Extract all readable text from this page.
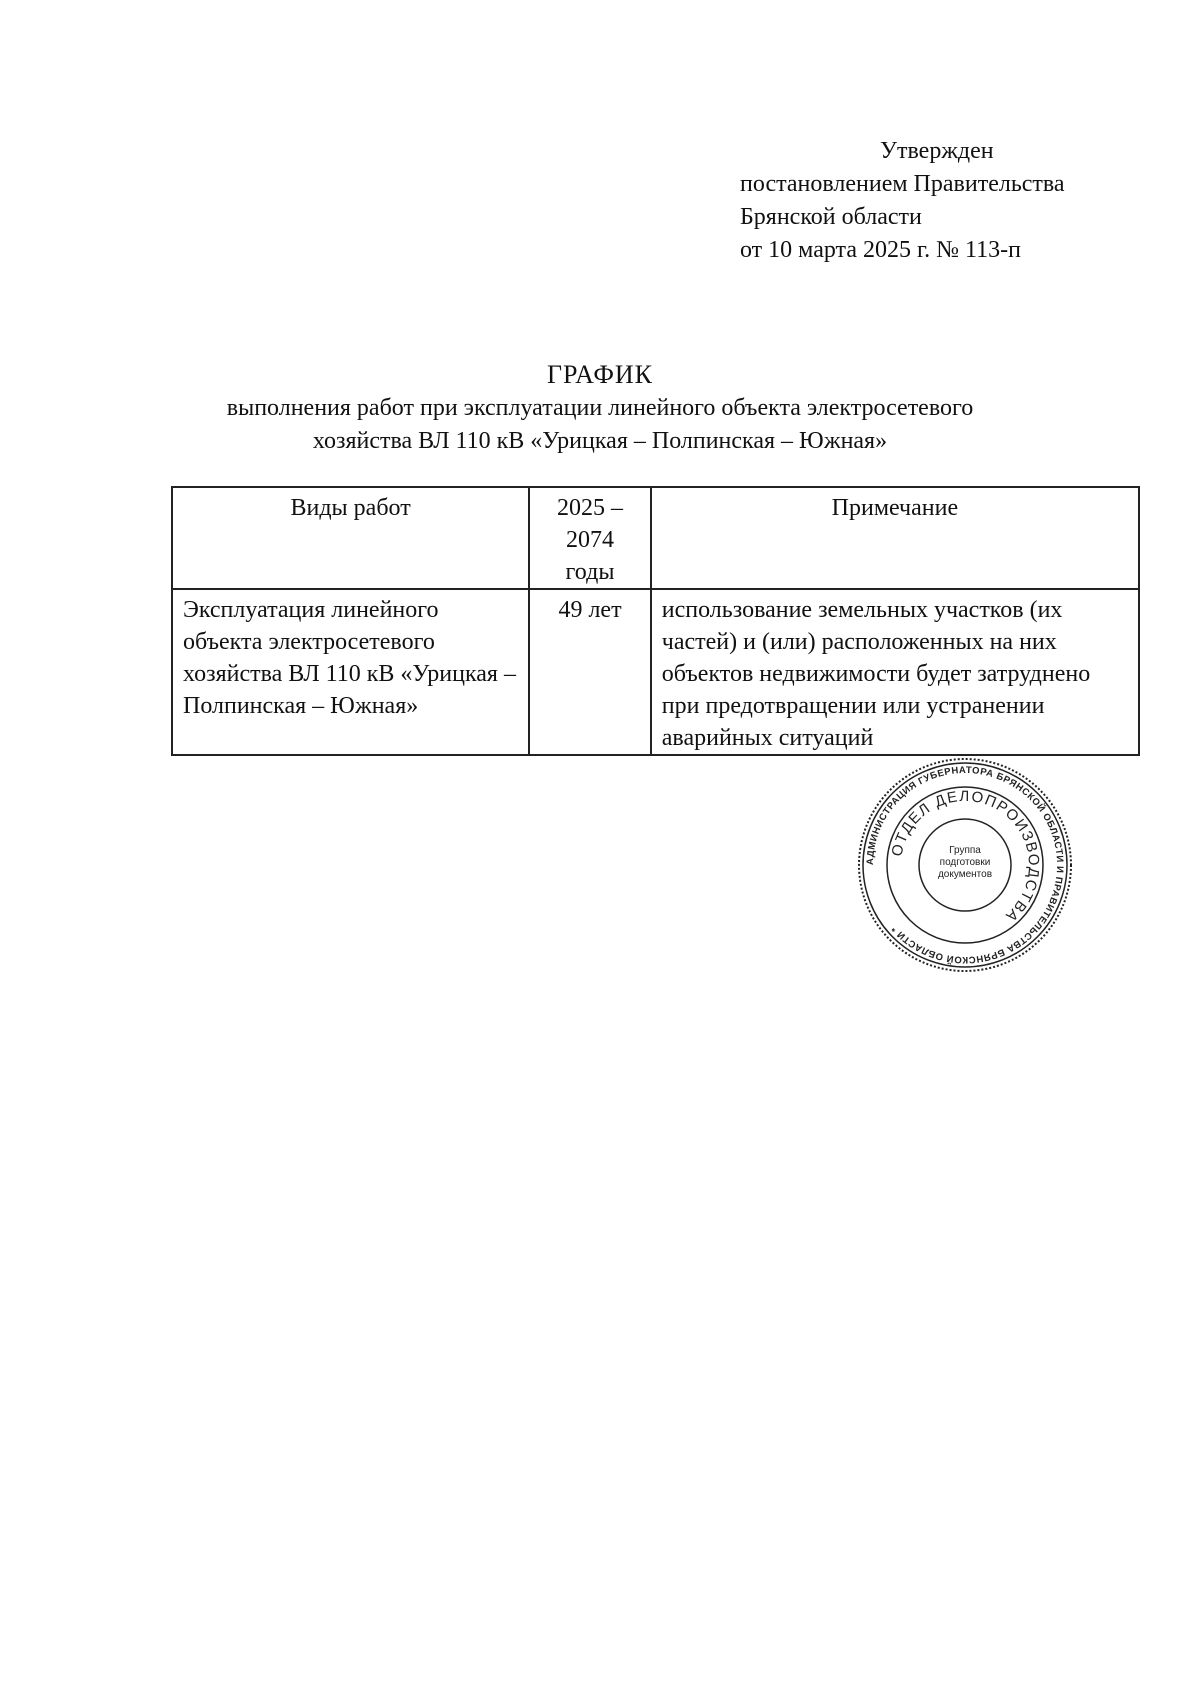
Утвержден
постановлением Правительства
Брянской области
от 10 марта 2025 г. № 113-п
ГРАФИК
выполнения работ при эксплуатации линейного объекта электросетевого
хозяйства ВЛ 110 кВ «Урицкая – Полпинская – Южная»
Виды работ	2025 – 2074 годы	Примечание
Эксплуатация линейного объекта электросетевого хозяйства ВЛ 110 кВ «Урицкая – Полпинская – Южная»	49 лет	использование земельных участков (их частей) и (или) расположенных на них объектов недвижимости будет затруднено при предотвращении или устранении аварийных ситуаций
АДМИНИСТРАЦИЯ ГУБЕРНАТОРА БРЯНСКОЙ ОБЛАСТИ И ПРАВИТЕЛЬСТВА БРЯНСКОЙ ОБЛАСТИ *
ОТДЕЛ ДЕЛОПРОИЗВОДСТВА
Группа подготовки документов
